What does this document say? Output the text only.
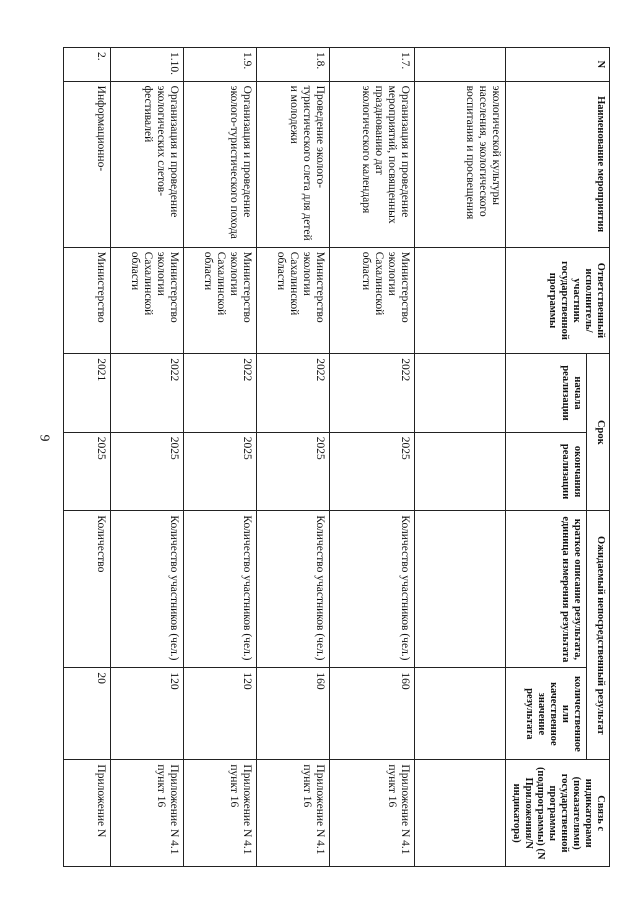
9
N	Наименование мероприятия	Ответственный исполнитель/ участник государственной программы	Срок		Ожидаемый непосредственный результат		Связь с индикаторами (показателями) государственной программы (подпрограммы) (N Приложения/N индикатора)
			начала реализации	окончания реализации	краткое описание результата, единица измерения результата	количественное или качественное значение результата	
	экологической культуры населения, экологического воспитания и просвещения						
1.7.	Организация и проведение мероприятий, посвященных празднованию дат экологического календаря	Министерство экологии Сахалинской области	2022	2025	Количество участников (чел.)	160	Приложение N 4.1 пункт 16
1.8.	Проведение эколого-туристического слета для детей и молодежи	Министерство экологии Сахалинской области	2022	2025	Количество участников (чел.)	160	Приложение N 4.1 пункт 16
1.9.	Организация и проведение эколого-туристического похода	Министерство экологии Сахалинской области	2022	2025	Количество участников (чел.)	120	Приложение N 4.1 пункт 16
1.10.	Организация и проведение экологических слетов-фестивалей	Министерство экологии Сахалинской области	2022	2025	Количество участников (чел.)	120	Приложение N 4.1 пункт 16
2.	Информационно-	Министерство	2021	2025	Количество	20	Приложение N
